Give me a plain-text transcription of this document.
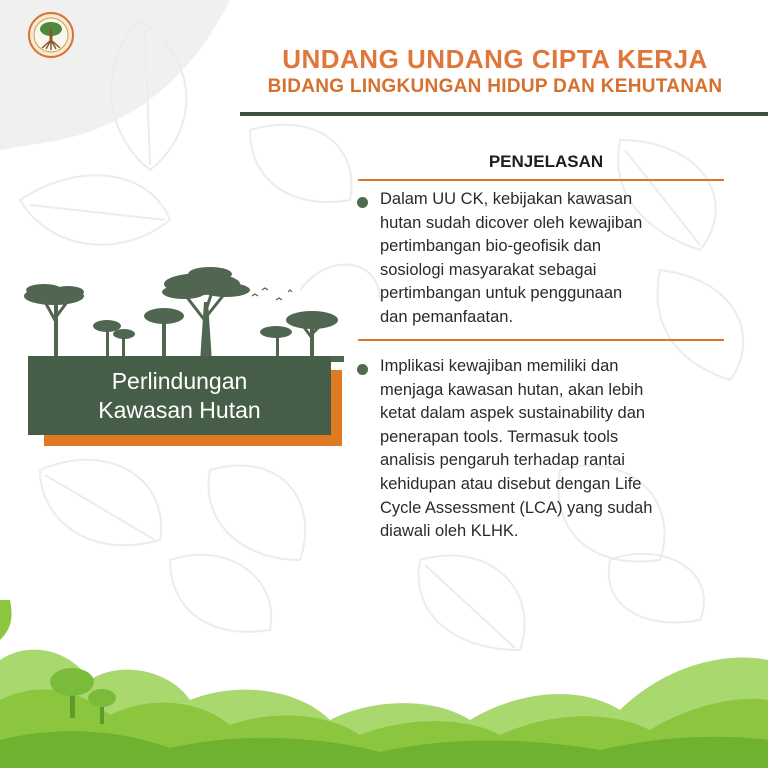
UNDANG UNDANG CIPTA KERJA
BIDANG LINGKUNGAN HIDUP DAN KEHUTANAN
Perlindungan
Kawasan Hutan
PENJELASAN
Dalam UU CK, kebijakan kawasan
hutan sudah dicover oleh kewajiban
pertimbangan bio-geofisik dan
sosiologi masyarakat sebagai
pertimbangan untuk penggunaan
dan pemanfaatan.
Implikasi kewajiban memiliki dan
menjaga kawasan hutan, akan lebih
ketat dalam aspek sustainability dan
penerapan tools. Termasuk tools
analisis pengaruh terhadap rantai
kehidupan atau disebut dengan Life
Cycle Assessment (LCA) yang sudah
diawali oleh KLHK.
